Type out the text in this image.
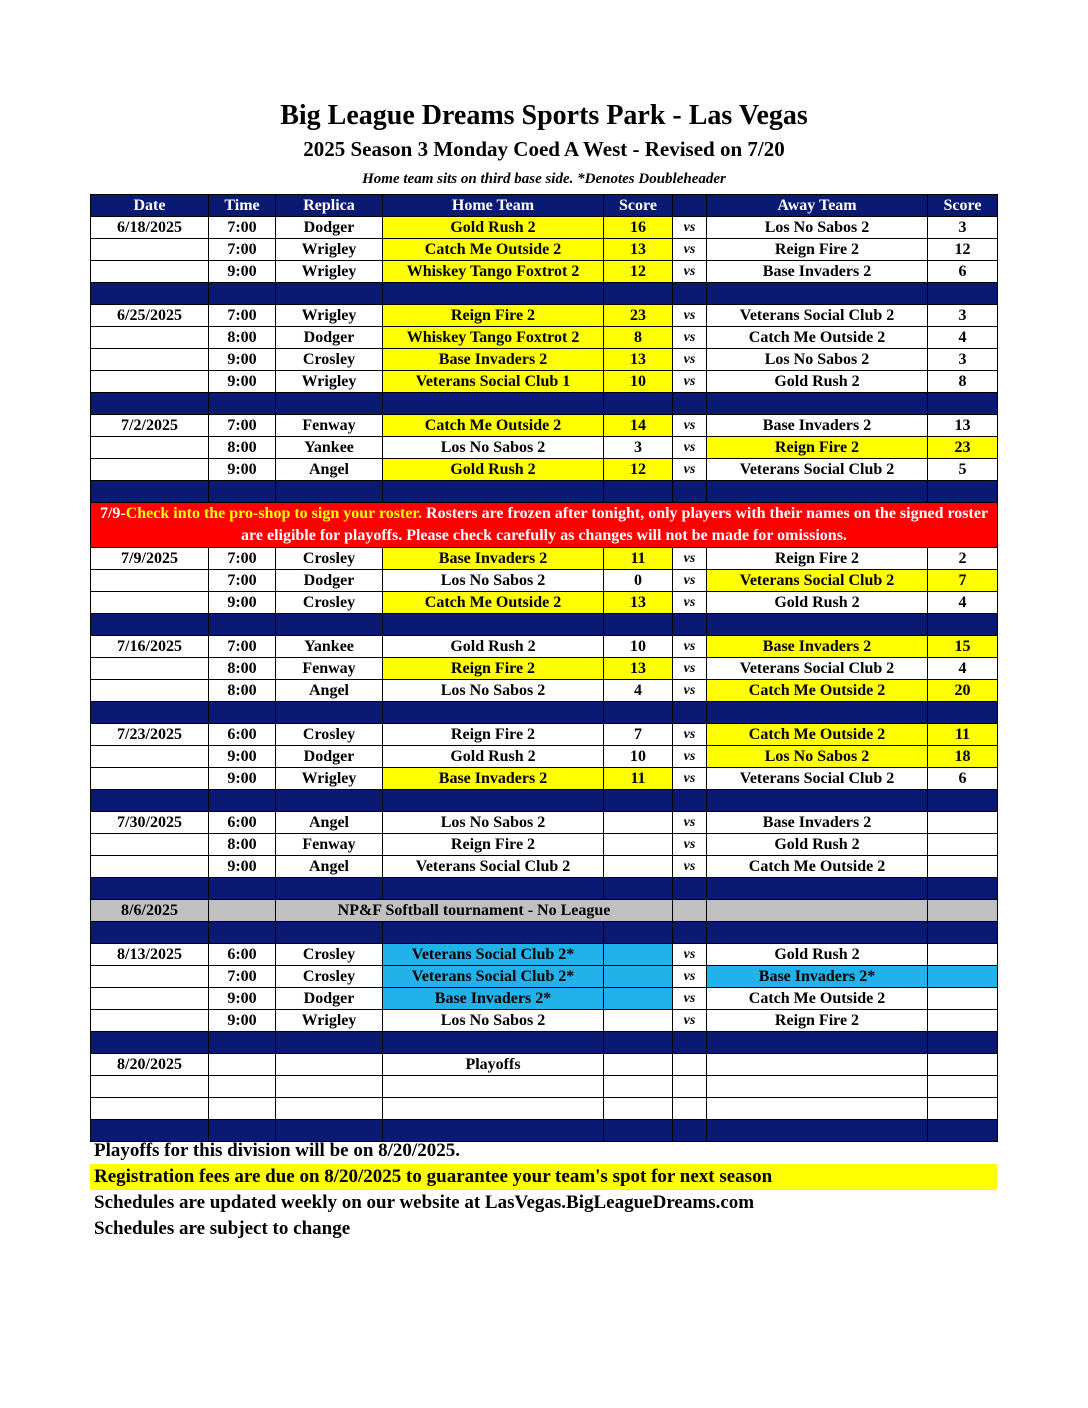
Big League Dreams Sports Park - Las Vegas
2025 Season 3 Monday Coed A West - Revised on 7/20
Home team sits on third base side. *Denotes Doubleheader
Date	Time	Replica	Home Team	Score		Away Team	Score
6/18/2025	7:00	Dodger	Gold Rush 2	16	vs	Los No Sabos 2	3
	7:00	Wrigley	Catch Me Outside 2	13	vs	Reign Fire 2	12
	9:00	Wrigley	Whiskey Tango Foxtrot 2	12	vs	Base Invaders 2	6

6/25/2025	7:00	Wrigley	Reign Fire 2	23	vs	Veterans Social Club 2	3
	8:00	Dodger	Whiskey Tango Foxtrot 2	8	vs	Catch Me Outside 2	4
	9:00	Crosley	Base Invaders 2	13	vs	Los No Sabos 2	3
	9:00	Wrigley	Veterans Social Club 1	10	vs	Gold Rush 2	8

7/2/2025	7:00	Fenway	Catch Me Outside 2	14	vs	Base Invaders 2	13
	8:00	Yankee	Los No Sabos 2	3	vs	Reign Fire 2	23
	9:00	Angel	Gold Rush 2	12	vs	Veterans Social Club 2	5

7/9-Check into the pro-shop to sign your roster. Rosters are frozen after tonight, only players with their names on the signed roster are eligible for playoffs. Please check carefully as changes will not be made for omissions.							
7/9/2025	7:00	Crosley	Base Invaders 2	11	vs	Reign Fire 2	2
	7:00	Dodger	Los No Sabos 2	0	vs	Veterans Social Club 2	7
	9:00	Crosley	Catch Me Outside 2	13	vs	Gold Rush 2	4

7/16/2025	7:00	Yankee	Gold Rush 2	10	vs	Base Invaders 2	15
	8:00	Fenway	Reign Fire 2	13	vs	Veterans Social Club 2	4
	8:00	Angel	Los No Sabos 2	4	vs	Catch Me Outside 2	20

7/23/2025	6:00	Crosley	Reign Fire 2	7	vs	Catch Me Outside 2	11
	9:00	Dodger	Gold Rush 2	10	vs	Los No Sabos 2	18
	9:00	Wrigley	Base Invaders 2	11	vs	Veterans Social Club 2	6

7/30/2025	6:00	Angel	Los No Sabos 2		vs	Base Invaders 2	
	8:00	Fenway	Reign Fire 2		vs	Gold Rush 2	
	9:00	Angel	Veterans Social Club 2		vs	Catch Me Outside 2	

8/6/2025		NP&F Softball tournament - No League					

8/13/2025	6:00	Crosley	Veterans Social Club 2*		vs	Gold Rush 2	
	7:00	Crosley	Veterans Social Club 2*		vs	Base Invaders 2*	
	9:00	Dodger	Base Invaders 2*		vs	Catch Me Outside 2	
	9:00	Wrigley	Los No Sabos 2		vs	Reign Fire 2	

8/20/2025			Playoffs				

Playoffs for this division will be on 8/20/2025.
Registration fees are due on 8/20/2025 to guarantee your team's spot for next season
Schedules are updated weekly on our website at LasVegas.BigLeagueDreams.com
Schedules are subject to change
